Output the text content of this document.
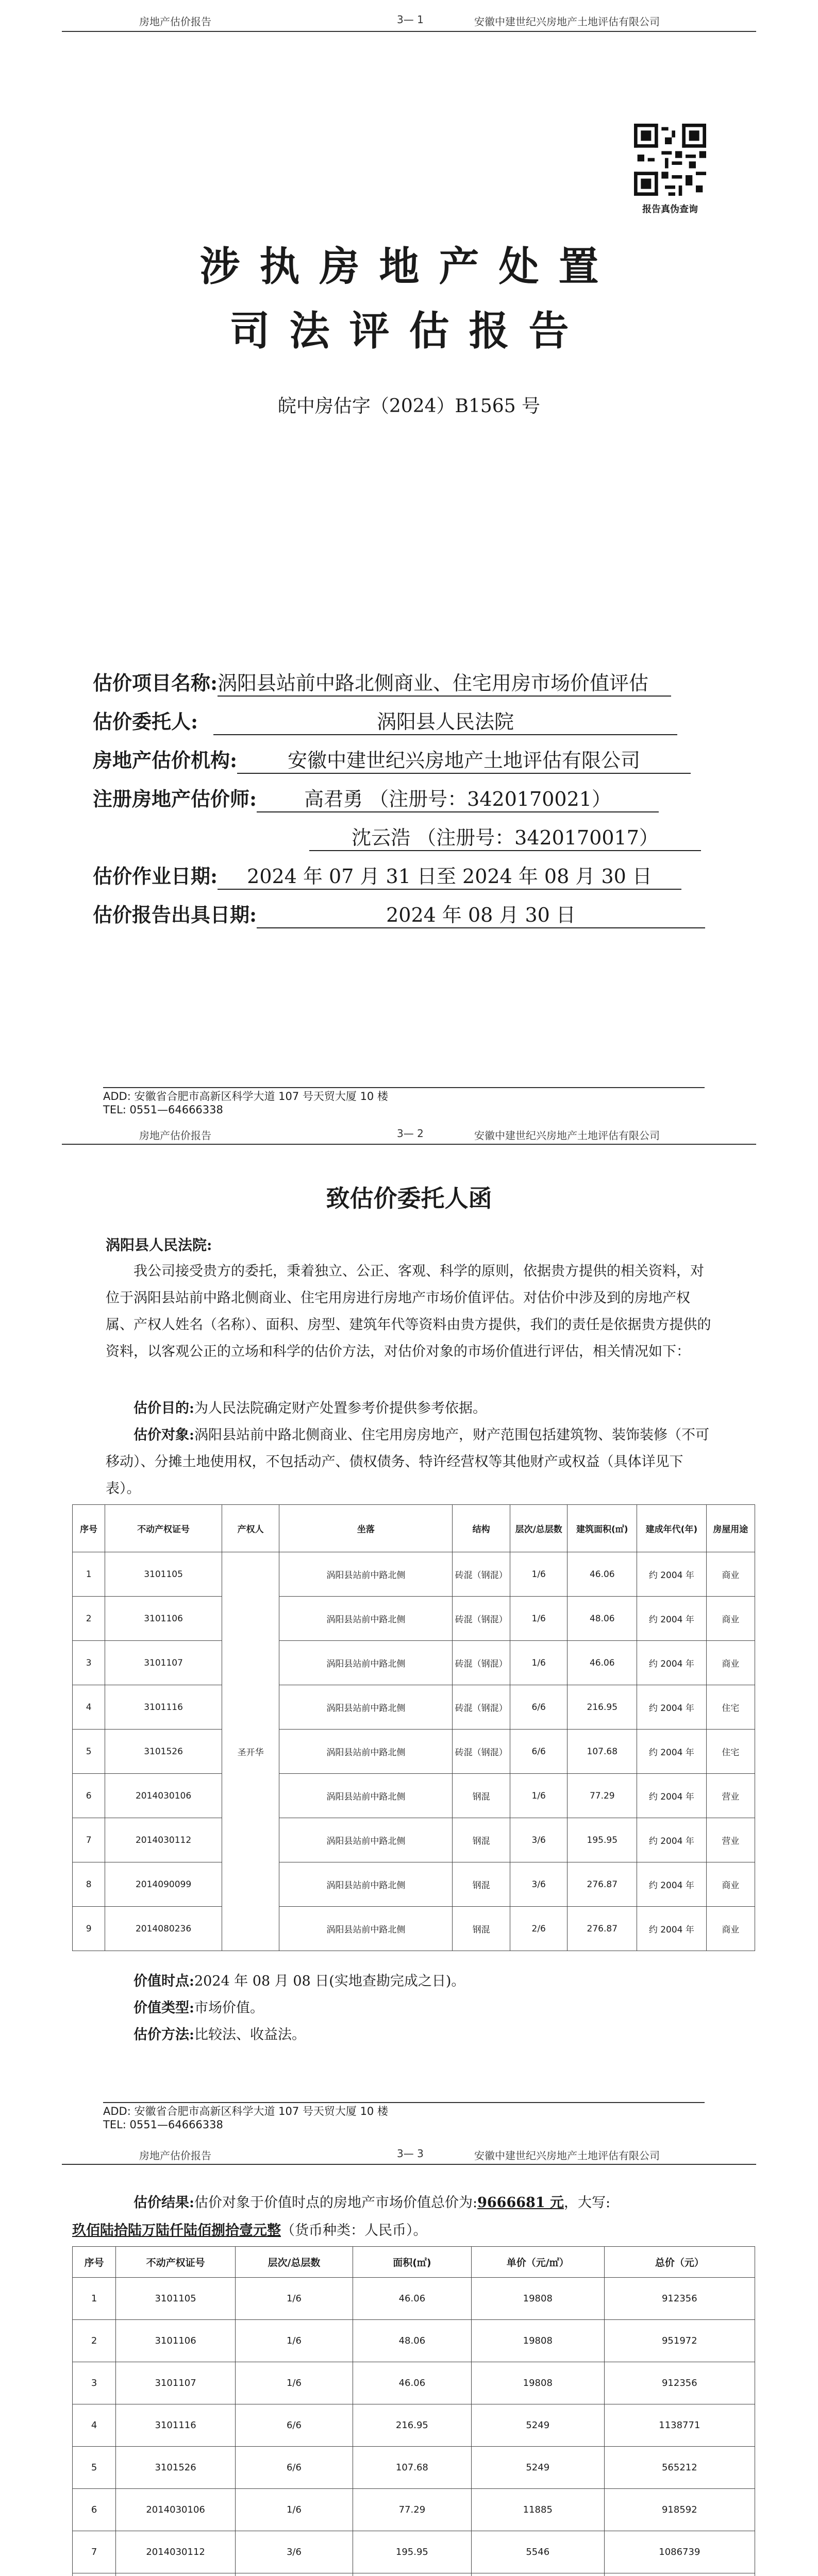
房地产估价报告	3— 1	安徽中建世纪兴房地产土地评估有限公司
报告真伪查询
涉执房地产处置
司法评估报告
皖中房估字（2024）B1565 号
估价项目名称:涡阳县站前中路北侧商业、住宅用房市场价值评估
估价委托人:	涡阳县人民法院
房地产估价机构:	安徽中建世纪兴房地产土地评估有限公司
注册房地产估价师: 高君勇 （注册号：3420170021）
沈云浩 （注册号：3420170017）
估价作业日期: 2024 年 07 月 31 日至 2024 年 08 月 30 日
估价报告出具日期:	2024 年 08 月 30 日
ADD: 安徽省合肥市高新区科学大道 107 号天贸大厦 10 楼
TEL: 0551—64666338
房地产估价报告	3— 2	安徽中建世纪兴房地产土地评估有限公司
致估价委托人函
涡阳县人民法院:
我公司接受贵方的委托，秉着独立、公正、客观、科学的原则，依据贵方提供的相关资料，对位于涡阳县站前中路北侧商业、住宅用房进行房地产市场价值评估。对估价中涉及到的房地产权属、产权人姓名（名称）、面积、房型、建筑年代等资料由贵方提供，我们的责任是依据贵方提供的资料，以客观公正的立场和科学的估价方法，对估价对象的市场价值进行评估，相关情况如下：
估价目的:为人民法院确定财产处置参考价提供参考依据。
估价对象:涡阳县站前中路北侧商业、住宅用房房地产，财产范围包括建筑物、装饰装修（不可移动）、分摊土地使用权，不包括动产、债权债务、特许经营权等其他财产或权益（具体详见下表）。
序号	不动产权证号	产权人	坐落	结构	层次/总层数	建筑面积(㎡)	建成年代(年)	房屋用途
1	3101105	圣开华	涡阳县站前中路北侧	砖混（钢混）	1/6	46.06	约 2004 年	商业
2	3101106		涡阳县站前中路北侧	砖混（钢混）	1/6	48.06	约 2004 年	商业
3	3101107		涡阳县站前中路北侧	砖混（钢混）	1/6	46.06	约 2004 年	商业
4	3101116		涡阳县站前中路北侧	砖混（钢混）	6/6	216.95	约 2004 年	住宅
5	3101526		涡阳县站前中路北侧	砖混（钢混）	6/6	107.68	约 2004 年	住宅
6	2014030106		涡阳县站前中路北侧	钢混	1/6	77.29	约 2004 年	营业
7	2014030112		涡阳县站前中路北侧	钢混	3/6	195.95	约 2004 年	营业
8	2014090099		涡阳县站前中路北侧	钢混	3/6	276.87	约 2004 年	商业
9	2014080236		涡阳县站前中路北侧	钢混	2/6	276.87	约 2004 年	商业
价值时点:2024 年 08 月 08 日(实地查勘完成之日)。
价值类型:市场价值。
估价方法:比较法、收益法。
ADD: 安徽省合肥市高新区科学大道 107 号天贸大厦 10 楼
TEL: 0551—64666338
房地产估价报告	3— 3	安徽中建世纪兴房地产土地评估有限公司
估价结果:估价对象于价值时点的房地产市场价值总价为:9666681 元，大写:
玖佰陆拾陆万陆仟陆佰捌拾壹元整（货币种类：人民币）。
序号	不动产权证号	层次/总层数	面积(㎡)	单价（元/㎡）	总价（元）
1	3101105	1/6	46.06	19808	912356
2	3101106	1/6	48.06	19808	951972
3	3101107	1/6	46.06	19808	912356
4	3101116	6/6	216.95	5249	1138771
5	3101526	6/6	107.68	5249	565212
6	2014030106	1/6	77.29	11885	918592
7	2014030112	3/6	195.95	5546	1086739
